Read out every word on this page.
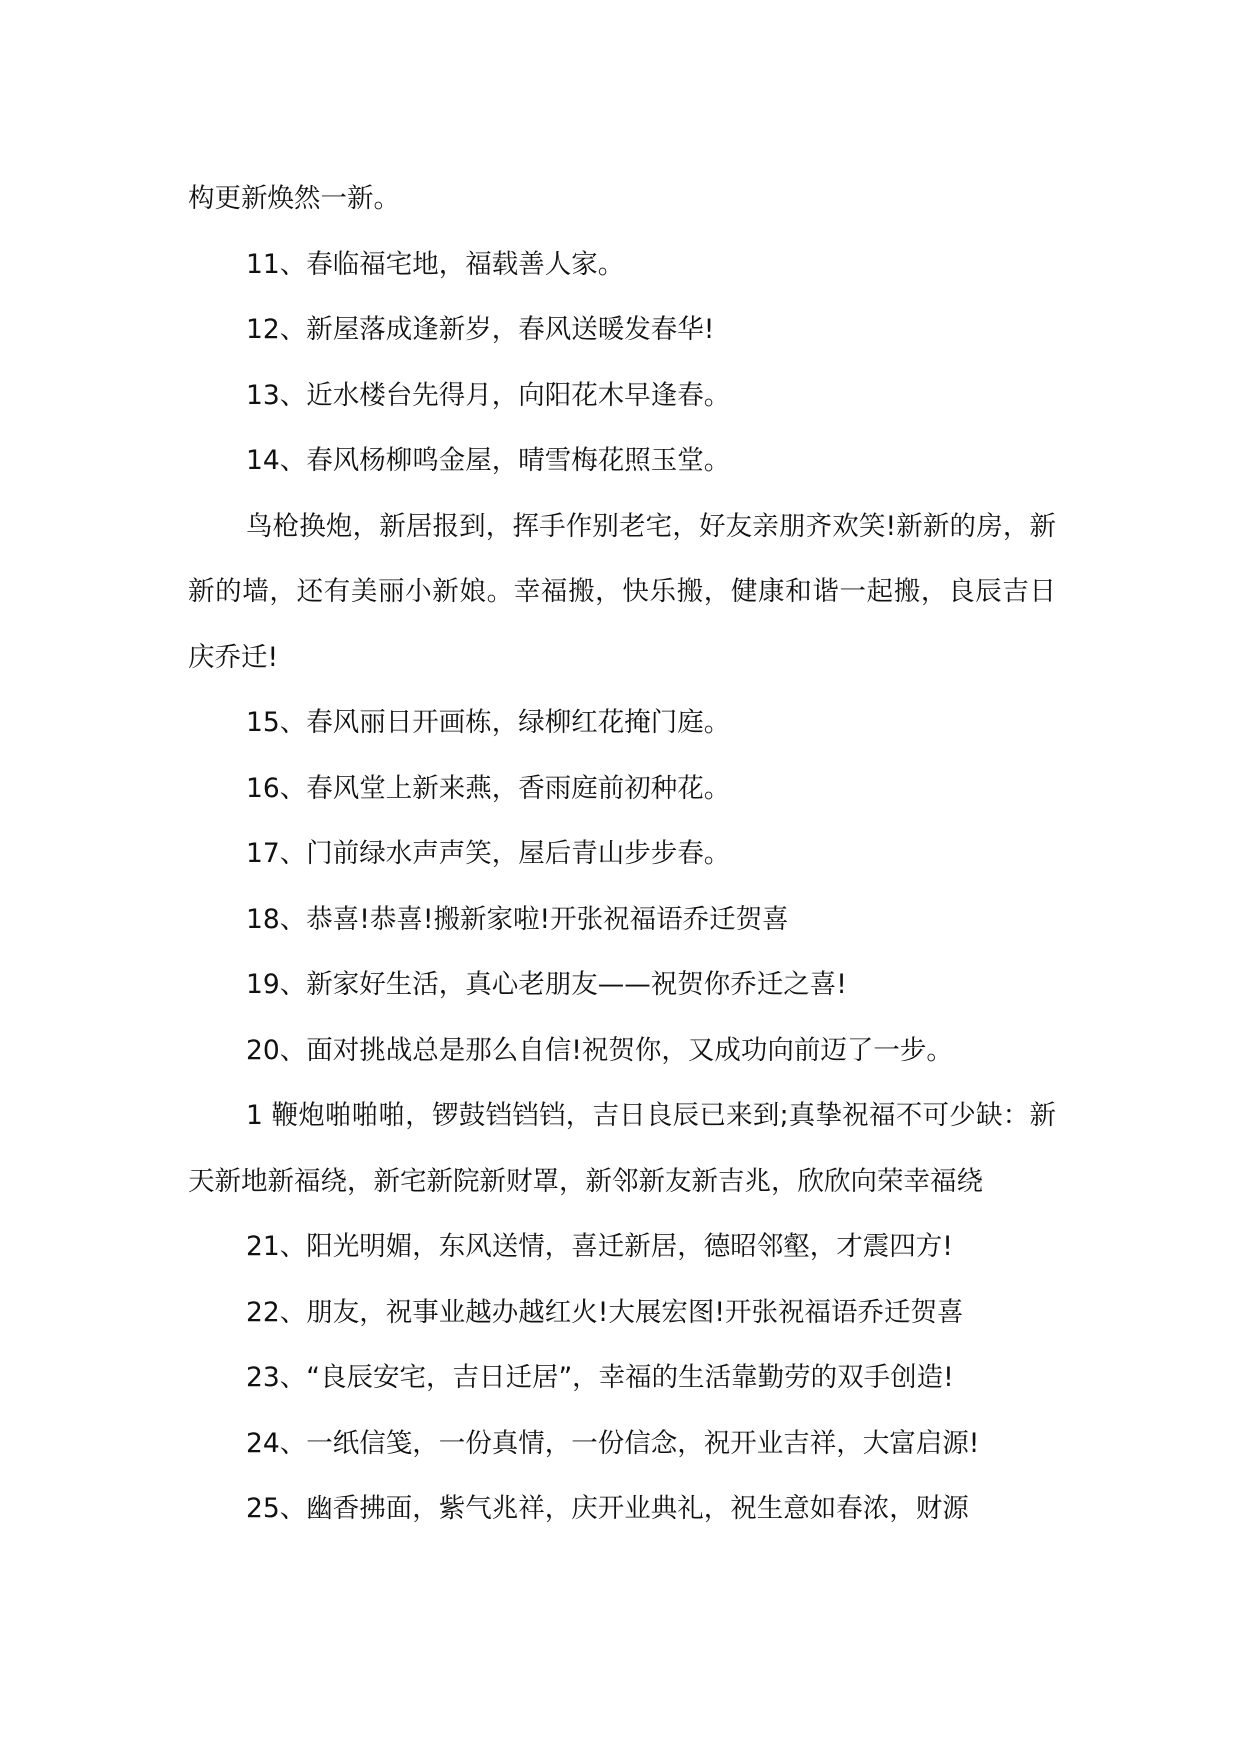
构更新焕然一新。

11、春临福宅地，福载善人家。

12、新屋落成逢新岁，春风送暖发春华!

13、近水楼台先得月，向阳花木早逢春。

14、春风杨柳鸣金屋，晴雪梅花照玉堂。

鸟枪换炮，新居报到，挥手作别老宅，好友亲朋齐欢笑!新新的房，新新的墙，还有美丽小新娘。幸福搬，快乐搬，健康和谐一起搬，良辰吉日庆乔迁!

15、春风丽日开画栋，绿柳红花掩门庭。

16、春风堂上新来燕，香雨庭前初种花。

17、门前绿水声声笑，屋后青山步步春。

18、恭喜!恭喜!搬新家啦!开张祝福语乔迁贺喜

19、新家好生活，真心老朋友——祝贺你乔迁之喜!

20、面对挑战总是那么自信!祝贺你，又成功向前迈了一步。

1 鞭炮啪啪啪，锣鼓铛铛铛，吉日良辰已来到;真挚祝福不可少缺：新天新地新福绕，新宅新院新财罩，新邻新友新吉兆，欣欣向荣幸福绕

21、阳光明媚，东风送情，喜迁新居，德昭邻壑，才震四方!

22、朋友，祝事业越办越红火!大展宏图!开张祝福语乔迁贺喜

23、“良辰安宅，吉日迁居”，幸福的生活靠勤劳的双手创造!

24、一纸信笺，一份真情，一份信念，祝开业吉祥，大富启源!

25、幽香拂面，紫气兆祥，庆开业典礼，祝生意如春浓，财源
